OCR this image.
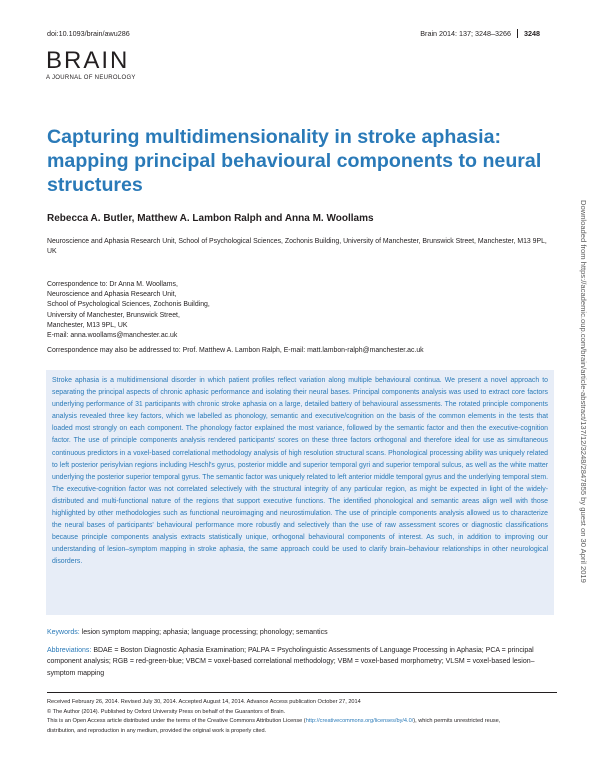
doi:10.1093/brain/awu286	Brain 2014: 137; 3248–3266 3248
BRAIN
A JOURNAL OF NEUROLOGY
Capturing multidimensionality in stroke aphasia: mapping principal behavioural components to neural structures
Rebecca A. Butler, Matthew A. Lambon Ralph and Anna M. Woollams
Neuroscience and Aphasia Research Unit, School of Psychological Sciences, Zochonis Building, University of Manchester, Brunswick Street, Manchester, M13 9PL, UK
Correspondence to: Dr Anna M. Woollams,
Neuroscience and Aphasia Research Unit,
School of Psychological Sciences, Zochonis Building,
University of Manchester, Brunswick Street,
Manchester, M13 9PL, UK
E-mail: anna.woollams@manchester.ac.uk
Correspondence may also be addressed to: Prof. Matthew A. Lambon Ralph, E-mail: matt.lambon-ralph@manchester.ac.uk
Stroke aphasia is a multidimensional disorder in which patient profiles reflect variation along multiple behavioural continua. We present a novel approach to separating the principal aspects of chronic aphasic performance and isolating their neural bases. Principal components analysis was used to extract core factors underlying performance of 31 participants with chronic stroke aphasia on a large, detailed battery of behavioural assessments. The rotated principle components analysis revealed three key factors, which we labelled as phonology, semantic and executive/cognition on the basis of the common elements in the tests that loaded most strongly on each component. The phonology factor explained the most variance, followed by the semantic factor and then the executive-cognition factor. The use of principle components analysis rendered participants' scores on these three factors orthogonal and therefore ideal for use as simultaneous continuous predictors in a voxel-based correlational methodology analysis of high resolution structural scans. Phonological processing ability was uniquely related to left posterior perisylvian regions including Heschl's gyrus, posterior middle and superior temporal gyri and superior temporal sulcus, as well as the white matter underlying the posterior superior temporal gyrus. The semantic factor was uniquely related to left anterior middle temporal gyrus and the underlying temporal stem. The executive-cognition factor was not correlated selectively with the structural integrity of any particular region, as might be expected in light of the widely-distributed and multi-functional nature of the regions that support executive functions. The identified phonological and semantic areas align well with those highlighted by other methodologies such as functional neuroimaging and neurostimulation. The use of principle components analysis allowed us to characterize the neural bases of participants' behavioural performance more robustly and selectively than the use of raw assessment scores or diagnostic classifications because principle components analysis extracts statistically unique, orthogonal behavioural components of interest. As such, in addition to improving our understanding of lesion–symptom mapping in stroke aphasia, the same approach could be used to clarify brain–behaviour relationships in other neurological disorders.
Keywords: lesion symptom mapping; aphasia; language processing; phonology; semantics
Abbreviations: BDAE = Boston Diagnostic Aphasia Examination; PALPA = Psycholinguistic Assessments of Language Processing in Aphasia; PCA = principal component analysis; RGB = red-green-blue; VBCM = voxel-based correlational methodology; VBM = voxel-based morphometry; VLSM = voxel-based lesion–symptom mapping
Received February 26, 2014. Revised July 30, 2014. Accepted August 14, 2014. Advance Access publication October 27, 2014
© The Author (2014). Published by Oxford University Press on behalf of the Guarantors of Brain.
This is an Open Access article distributed under the terms of the Creative Commons Attribution License (http://creativecommons.org/licenses/by/4.0/), which permits unrestricted reuse,
distribution, and reproduction in any medium, provided the original work is properly cited.
Downloaded from https://academic.oup.com/brain/article-abstract/137/12/3248/2847855 by guest on 30 April 2019
